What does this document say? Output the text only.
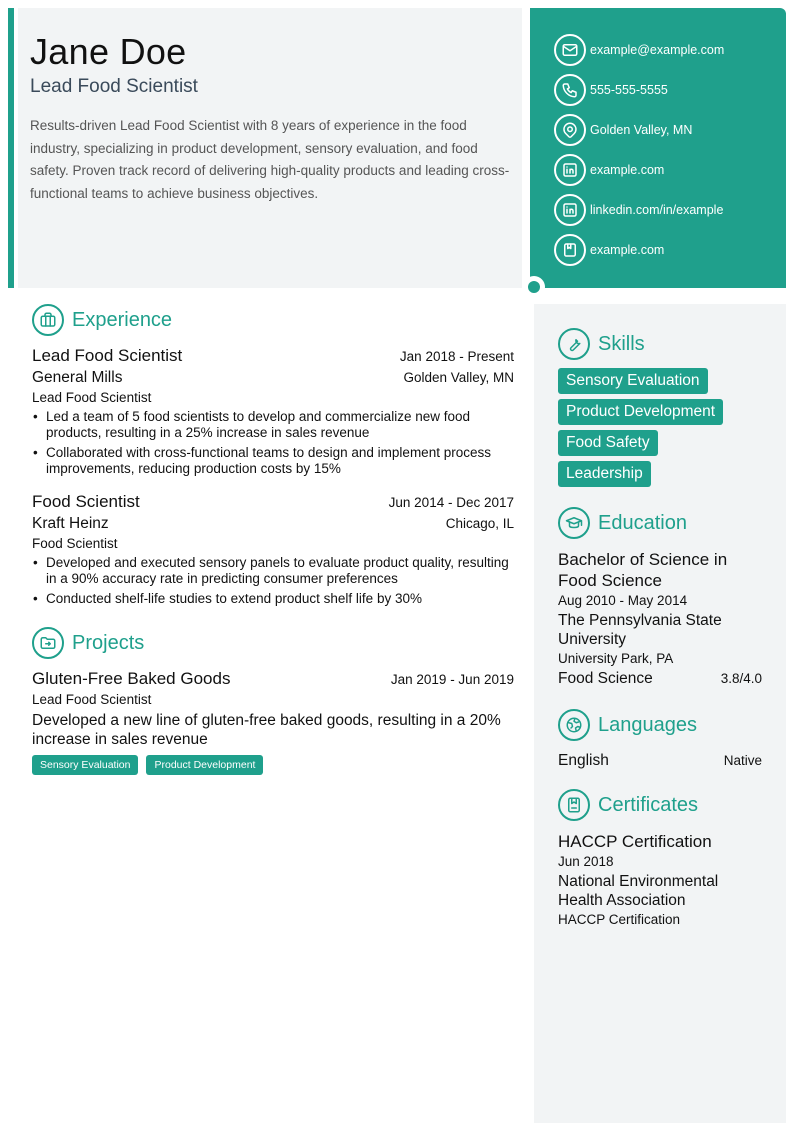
Jane Doe
Lead Food Scientist
Results-driven Lead Food Scientist with 8 years of experience in the food industry, specializing in product development, sensory evaluation, and food safety. Proven track record of delivering high-quality products and leading cross-functional teams to achieve business objectives.
example@example.com
555-555-5555
Golden Valley, MN
example.com
linkedin.com/in/example
example.com
Experience
Lead Food Scientist	Jan 2018 - Present
General Mills	Golden Valley, MN
Lead Food Scientist
• Led a team of 5 food scientists to develop and commercialize new food products, resulting in a 25% increase in sales revenue
• Collaborated with cross-functional teams to design and implement process improvements, reducing production costs by 15%
Food Scientist	Jun 2014 - Dec 2017
Kraft Heinz	Chicago, IL
Food Scientist
• Developed and executed sensory panels to evaluate product quality, resulting in a 90% accuracy rate in predicting consumer preferences
• Conducted shelf-life studies to extend product shelf life by 30%
Projects
Gluten-Free Baked Goods	Jan 2019 - Jun 2019
Lead Food Scientist
Developed a new line of gluten-free baked goods, resulting in a 20% increase in sales revenue
Sensory Evaluation	Product Development
Skills
Sensory Evaluation
Product Development
Food Safety
Leadership
Education
Bachelor of Science in Food Science
Aug 2010 - May 2014
The Pennsylvania State University
University Park, PA
Food Science	3.8/4.0
Languages
English	Native
Certificates
HACCP Certification
Jun 2018
National Environmental Health Association
HACCP Certification
